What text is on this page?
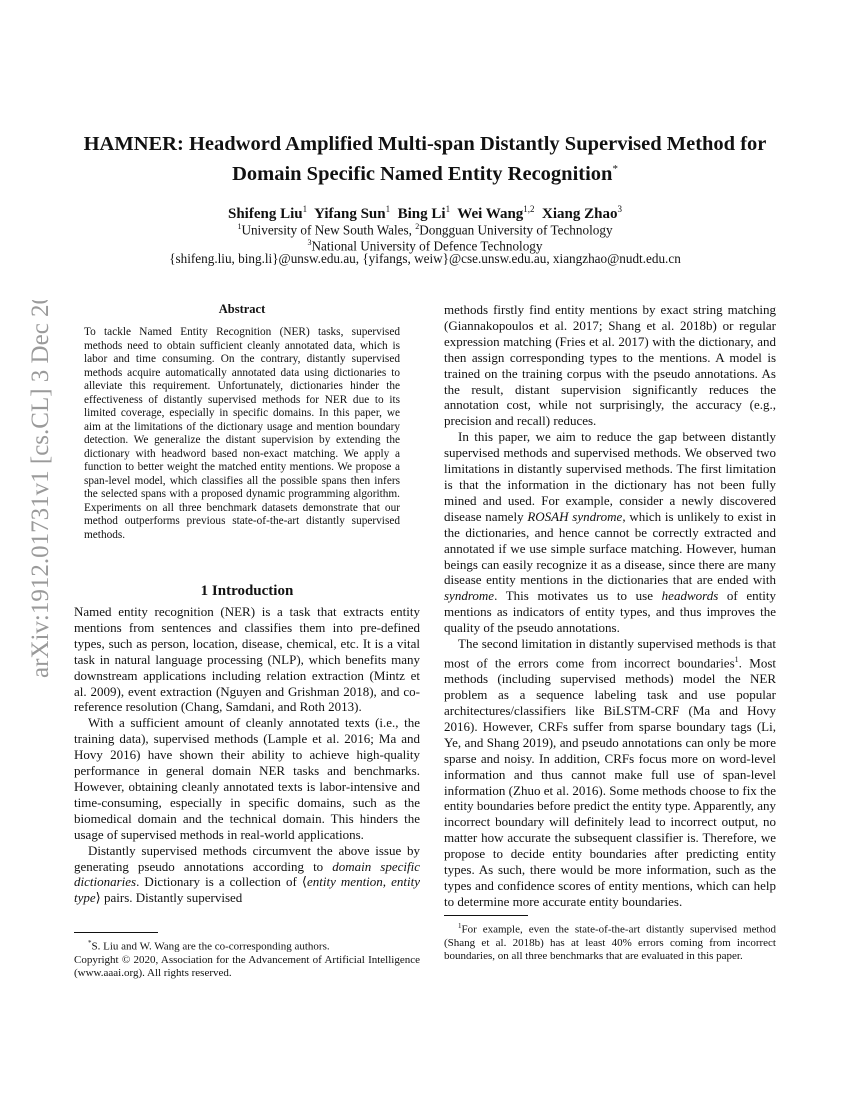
arXiv:1912.01731v1 [cs.CL] 3 Dec 2019
HAMNER: Headword Amplified Multi-span Distantly Supervised Method for
Domain Specific Named Entity Recognition*
Shifeng Liu$^1$ Yifang Sun$^1$ Bing Li$^1$ Wei Wang$^{1,2}$ Xiang Zhao$^3$
$^1$University of New South Wales, $^2$Dongguan University of Technology
$^3$National University of Defence Technology
{shifeng.liu, bing.li}@unsw.edu.au, {yifangs, weiw}@cse.unsw.edu.au, xiangzhao@nudt.edu.cn
Abstract
To tackle Named Entity Recognition (NER) tasks, supervised methods need to obtain sufficient cleanly annotated data, which is labor and time consuming. On the contrary, distantly supervised methods acquire automatically annotated data using dictionaries to alleviate this requirement. Unfortunately, dictionaries hinder the effectiveness of distantly supervised methods for NER due to its limited coverage, especially in specific domains. In this paper, we aim at the limitations of the dictionary usage and mention boundary detection. We generalize the distant supervision by extending the dictionary with headword based non-exact matching. We apply a function to better weight the matched entity mentions. We propose a span-level model, which classifies all the possible spans then infers the selected spans with a proposed dynamic programming algorithm. Experiments on all three benchmark datasets demonstrate that our method outperforms previous state-of-the-art distantly supervised methods.
1 Introduction

Named entity recognition (NER) is a task that extracts entity mentions from sentences and classifies them into pre-defined types, such as person, location, disease, chemical, etc. It is a vital task in natural language processing (NLP), which benefits many downstream applications including relation extraction (Mintz et al. 2009), event extraction (Nguyen and Grishman 2018), and co-reference resolution (Chang, Samdani, and Roth 2013).

With a sufficient amount of cleanly annotated texts (i.e., the training data), supervised methods (Lample et al. 2016; Ma and Hovy 2016) have shown their ability to achieve high-quality performance in general domain NER tasks and benchmarks. However, obtaining cleanly annotated texts is labor-intensive and time-consuming, especially in specific domains, such as the biomedical domain and the technical domain. This hinders the usage of supervised methods in real-world applications.

Distantly supervised methods circumvent the above issue by generating pseudo annotations according to domain specific dictionaries. Dictionary is a collection of ⟨entity mention, entity type⟩ pairs. Distantly supervised

*S. Liu and W. Wang are the co-corresponding authors.
Copyright © 2020, Association for the Advancement of Artificial Intelligence (www.aaai.org). All rights reserved.

methods firstly find entity mentions by exact string matching (Giannakopoulos et al. 2017; Shang et al. 2018b) or regular expression matching (Fries et al. 2017) with the dictionary, and then assign corresponding types to the mentions. A model is trained on the training corpus with the pseudo annotations. As the result, distant supervision significantly reduces the annotation cost, while not surprisingly, the accuracy (e.g., precision and recall) reduces.

In this paper, we aim to reduce the gap between distantly supervised methods and supervised methods. We observed two limitations in distantly supervised methods. The first limitation is that the information in the dictionary has not been fully mined and used. For example, consider a newly discovered disease namely ROSAH syndrome, which is unlikely to exist in the dictionaries, and hence cannot be correctly extracted and annotated if we use simple surface matching. However, human beings can easily recognize it as a disease, since there are many disease entity mentions in the dictionaries that are ended with syndrome. This motivates us to use headwords of entity mentions as indicators of entity types, and thus improves the quality of the pseudo annotations.

The second limitation in distantly supervised methods is that most of the errors come from incorrect boundaries$^1$. Most methods (including supervised methods) model the NER problem as a sequence labeling task and use popular architectures/classifiers like BiLSTM-CRF (Ma and Hovy 2016). However, CRFs suffer from sparse boundary tags (Li, Ye, and Shang 2019), and pseudo annotations can only be more sparse and noisy. In addition, CRFs focus more on word-level information and thus cannot make full use of span-level information (Zhuo et al. 2016). Some methods choose to fix the entity boundaries before predict the entity type. Apparently, any incorrect boundary will definitely lead to incorrect output, no matter how accurate the subsequent classifier is. Therefore, we propose to decide entity boundaries after predicting entity types. As such, there would be more information, such as the types and confidence scores of entity mentions, which can help to determine more accurate entity boundaries.

$^1$For example, even the state-of-the-art distantly supervised method (Shang et al. 2018b) has at least 40% errors coming from incorrect boundaries, on all three benchmarks that are evaluated in this paper.
